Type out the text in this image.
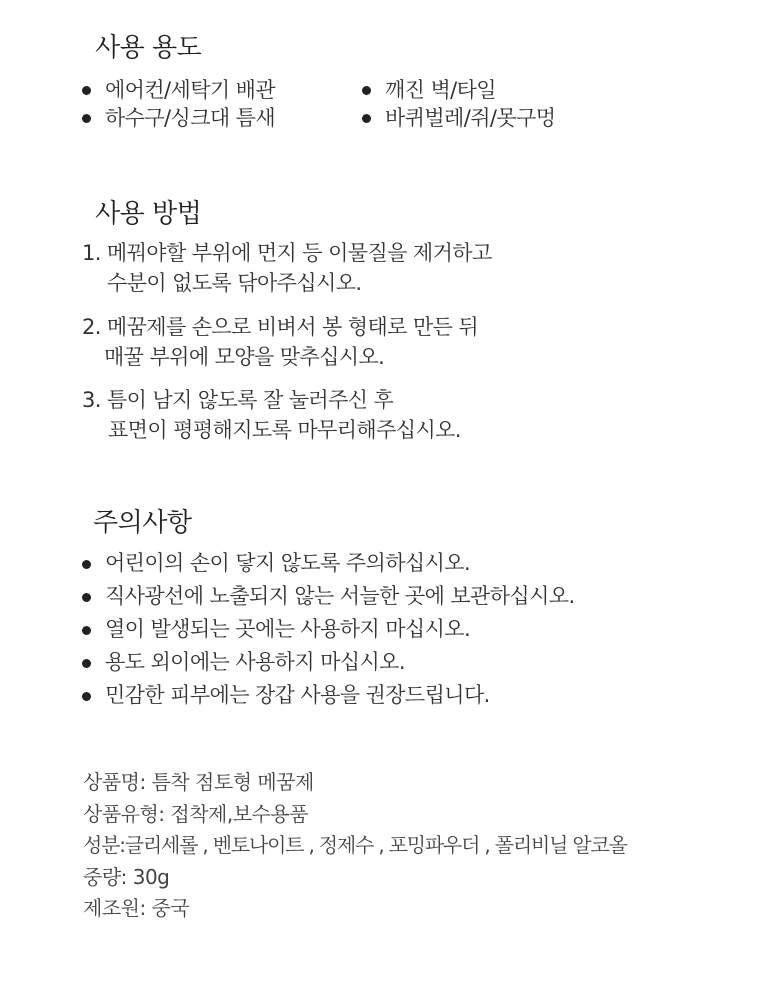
사용 용도
에어컨/세탁기 배관
하수구/싱크대 틈새
깨진 벽/타일
바퀴벌레/쥐/못구멍
사용 방법
1. 메꿔야할 부위에 먼지 등 이물질을 제거하고
수분이 없도록 닦아주십시오.
2. 메꿈제를 손으로 비벼서 봉 형태로 만든 뒤
매꿀 부위에 모양을 맞추십시오.
3. 틈이 남지 않도록 잘 눌러주신 후
표면이 평평해지도록 마무리해주십시오.
주의사항
어린이의 손이 닿지 않도록 주의하십시오.
직사광선에 노출되지 않는 서늘한 곳에 보관하십시오.
열이 발생되는 곳에는 사용하지 마십시오.
용도 외이에는 사용하지 마십시오.
민감한 피부에는 장갑 사용을 권장드립니다.
상품명: 틈착 점토형 메꿈제
상품유형: 접착제,보수용품
성분:글리세롤 , 벤토나이트 , 정제수 , 포밍파우더 , 폴리비닐 알코올
중량: 30g
제조원: 중국
